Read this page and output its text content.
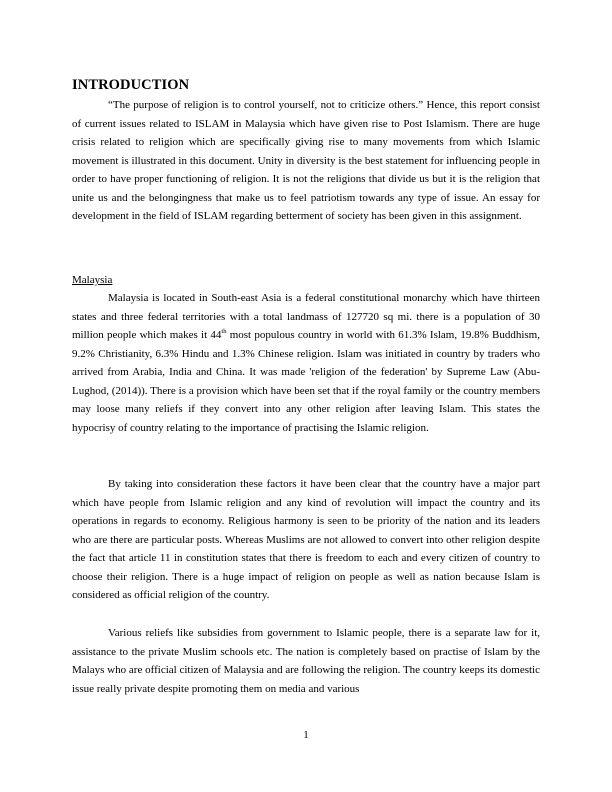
INTRODUCTION

“The purpose of religion is to control yourself, not to criticize others.” Hence, this report consist of current issues related to ISLAM in Malaysia which have given rise to Post Islamism. There are huge crisis related to religion which are specifically giving rise to many movements from which Islamic movement is illustrated in this document. Unity in diversity is the best statement for influencing people in order to have proper functioning of religion. It is not the religions that divide us but it is the religion that unite us and the belongingness that make us to feel patriotism towards any type of issue. An essay for development in the field of ISLAM regarding betterment of society has been given in this assignment.

Malaysia

Malaysia is located in South-east Asia is a federal constitutional monarchy which have thirteen states and three federal territories with a total landmass of 127720 sq mi. there is a population of 30 million people which makes it 44th most populous country in world with 61.3% Islam, 19.8% Buddhism, 9.2% Christianity, 6.3% Hindu and 1.3% Chinese religion. Islam was initiated in country by traders who arrived from Arabia, India and China. It was made 'religion of the federation' by Supreme Law (Abu-Lughod, (2014)). There is a provision which have been set that if the royal family or the country members may loose many reliefs if they convert into any other religion after leaving Islam. This states the hypocrisy of country relating to the importance of practising the Islamic religion.

By taking into consideration these factors it have been clear that the country have a major part which have people from Islamic religion and any kind of revolution will impact the country and its operations in regards to economy. Religious harmony is seen to be priority of the nation and its leaders who are there are particular posts. Whereas Muslims are not allowed to convert into other religion despite the fact that article 11 in constitution states that there is freedom to each and every citizen of country to choose their religion. There is a huge impact of religion on people as well as nation because Islam is considered as official religion of the country.

Various reliefs like subsidies from government to Islamic people, there is a separate law for it, assistance to the private Muslim schools etc. The nation is completely based on practise of Islam by the Malays who are official citizen of Malaysia and are following the religion. The country keeps its domestic issue really private despite promoting them on media and various

1
